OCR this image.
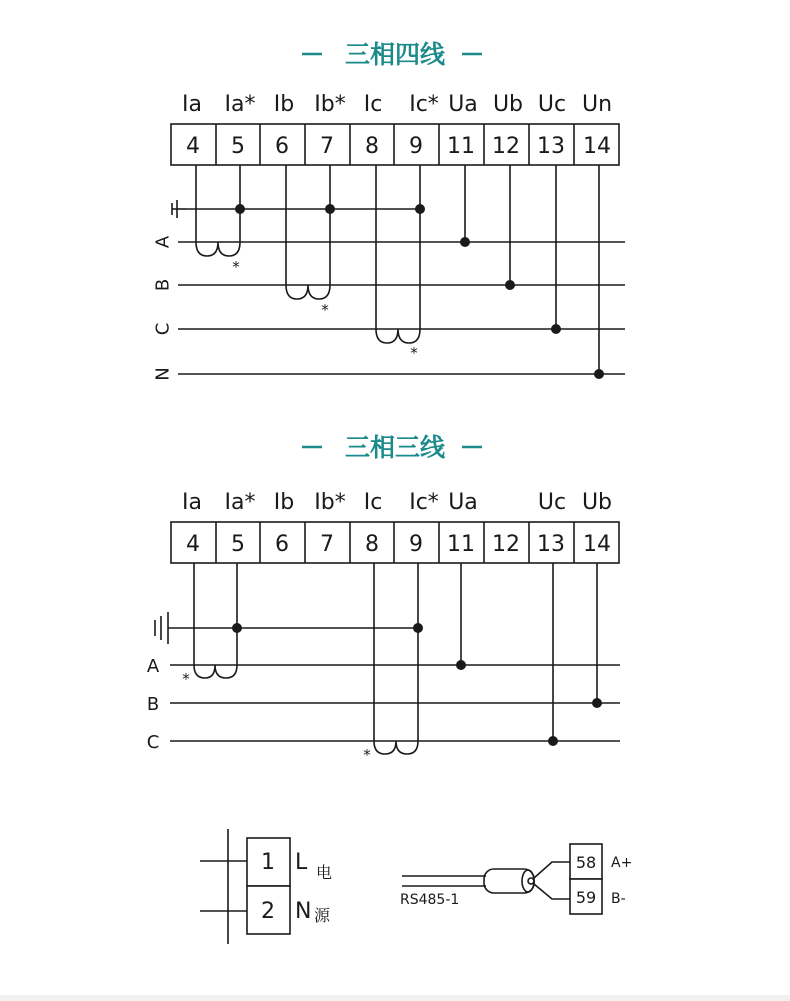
三相四线
Ia Ia* Ib Ib* Ic Ic* Ua Ub Uc Un
4 5 6 7 8 9 11 12 13 14
A
B
C
N
*
*
*
三相三线
Ia Ia* Ib Ib* Ic Ic* Ua	Uc Ub
4 5 6 7 8 9 11 12 13 14
A
B
C
*
*
1
2
L
N
电
源
RS485-1
58
59
A+
B-
